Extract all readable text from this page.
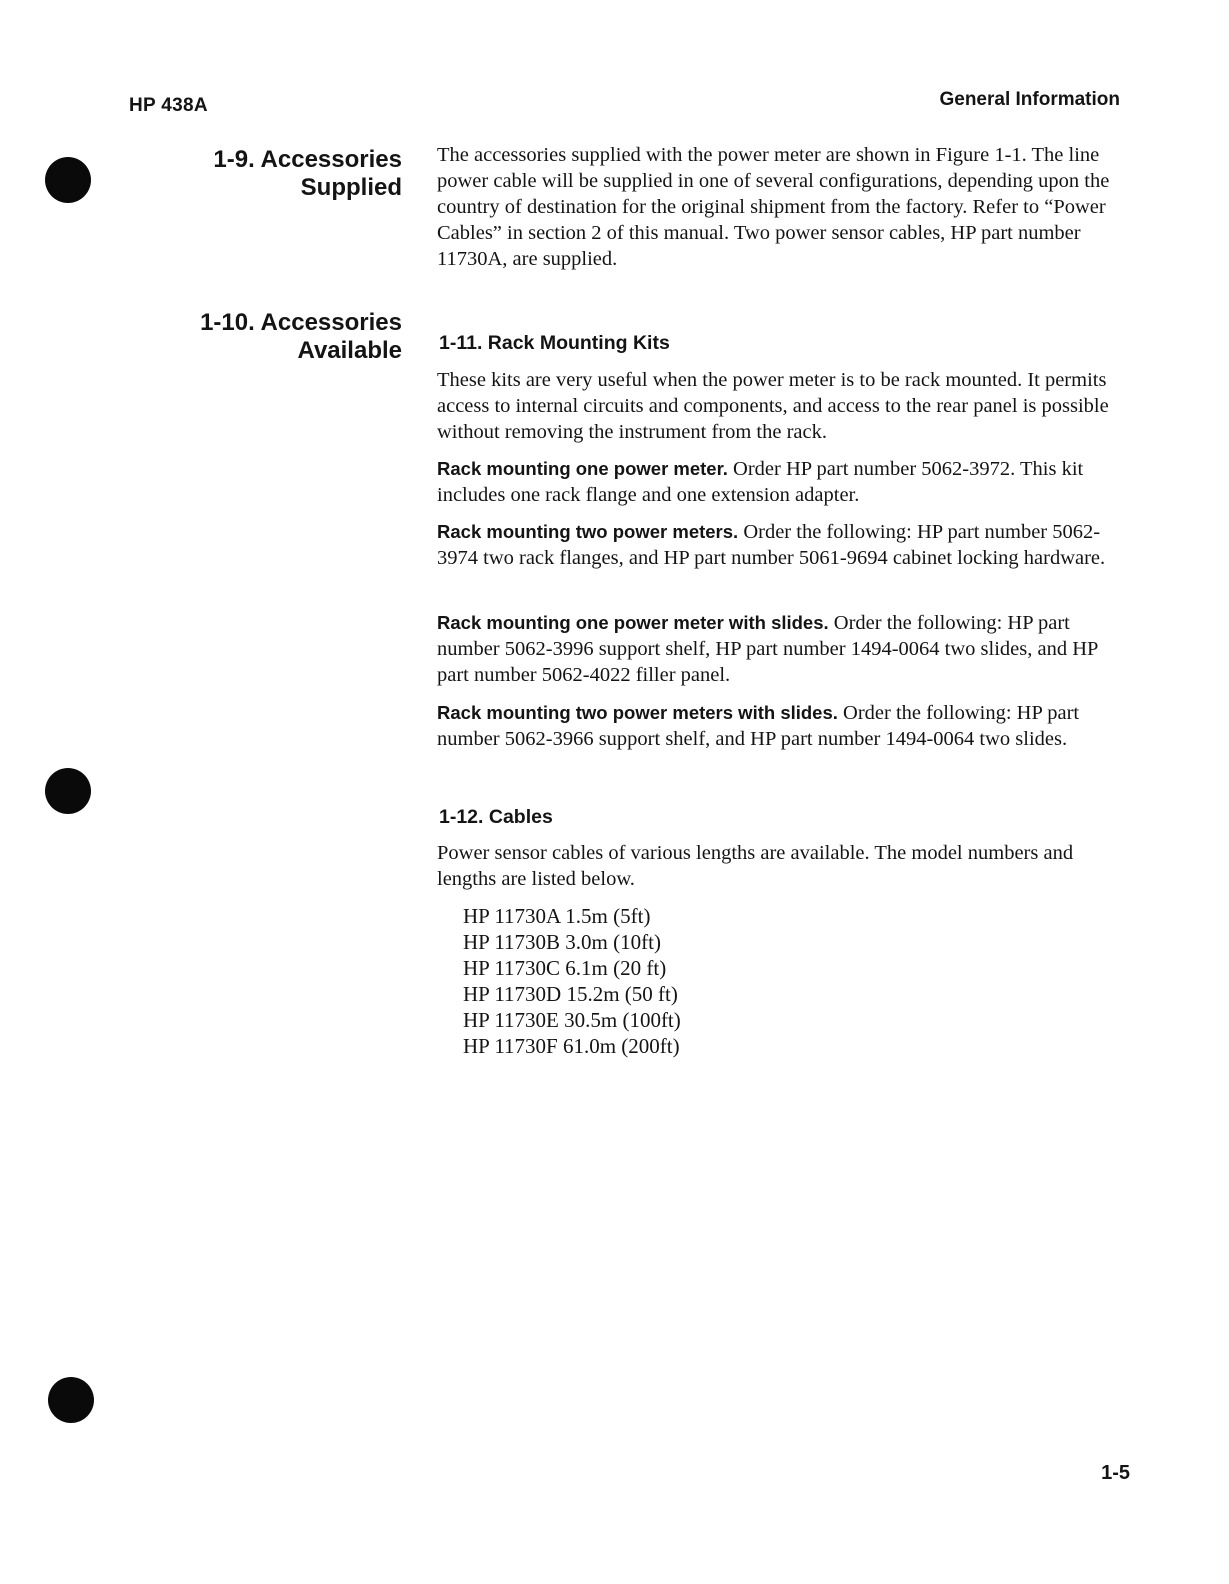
HP 438A	General Information
1-5
1-9. Accessories
Supplied
The accessories supplied with the power meter are shown in Figure 1-1. The line power cable will be supplied in one of several configurations, depending upon the country of destination for the original shipment from the factory. Refer to “Power Cables” in section 2 of this manual. Two power sensor cables, HP part number 11730A, are supplied.
1-10. Accessories
Available 1-11. Rack Mounting Kits
These kits are very useful when the power meter is to be rack mounted. It permits access to internal circuits and components, and access to the rear panel is possible without removing the instrument from the rack.
Rack mounting one power meter. Order HP part number 5062-3972. This kit includes one rack flange and one extension adapter.
Rack mounting two power meters. Order the following: HP part number 5062-3974 two rack flanges, and HP part number 5061-9694 cabinet locking hardware.
Rack mounting one power meter with slides. Order the following: HP part number 5062-3996 support shelf, HP part number 1494-0064 two slides, and HP part number 5062-4022 filler panel.
Rack mounting two power meters with slides. Order the following: HP part number 5062-3966 support shelf, and HP part number 1494-0064 two slides.
1-12. Cables
Power sensor cables of various lengths are available. The model numbers and lengths are listed below.
HP 11730A 1.5m (5ft)
HP 11730B 3.0m (10ft)
HP 11730C 6.1m (20 ft)
HP 11730D 15.2m (50 ft)
HP 11730E 30.5m (100ft)
HP 11730F 61.0m (200ft)
